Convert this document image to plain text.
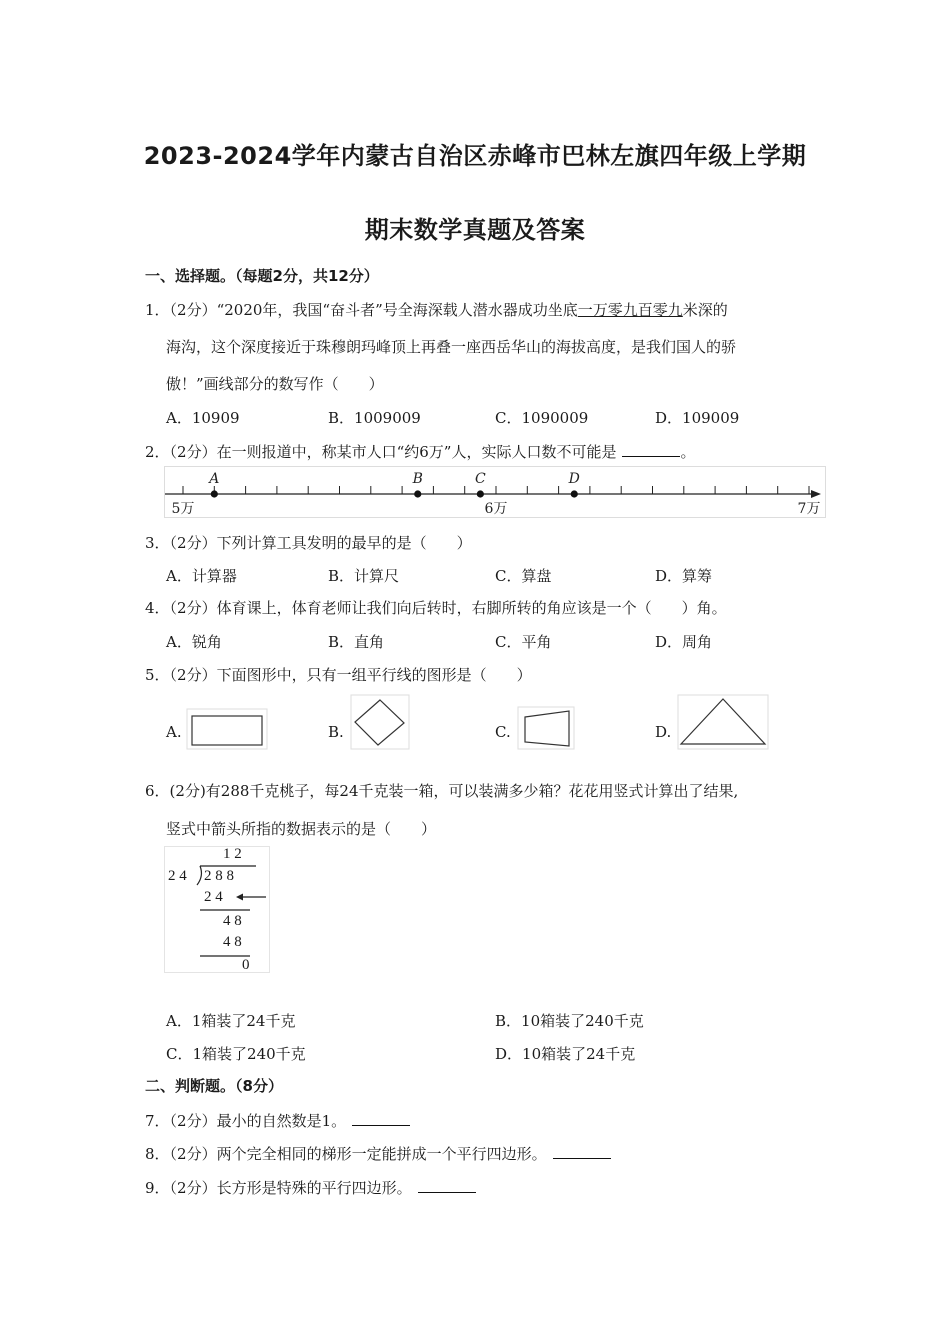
2023-2024学年内蒙古自治区赤峰市巴林左旗四年级上学期
期末数学真题及答案
一、选择题。（每题2分，共12分）
1．（2分）“2020年，我国“奋斗者”号全海深载人潜水器成功坐底一万零九百零九米深的
海沟，这个深度接近于珠穆朗玛峰顶上再叠一座西岳华山的海拔高度，是我们国人的骄
傲！”画线部分的数写作（　　）
A．10909	B．1009009	C．1090009	D．109009
2．（2分）在一则报道中，称某市人口“约6万”人，实际人口数不可能是	。
5万	6万	7万
A	B	C	D
3．（2分）下列计算工具发明的最早的是（　　）
A．计算器	B．计算尺	C．算盘	D．算筹
4．（2分）体育课上，体育老师让我们向后转时，右脚所转的角应该是一个（　　）角。
A．锐角	B．直角	C．平角	D．周角
5．（2分）下面图形中，只有一组平行线的图形是（　　）
A.	B.	C.	D.
6．(2分)有288千克桃子，每24千克装一箱，可以装满多少箱？花花用竖式计算出了结果,
竖式中箭头所指的数据表示的是（　　）
1 2
2 4 2 8 8
2 4
4 8
4 8
0
A．1箱装了24千克	B．10箱装了240千克
C．1箱装了240千克	D．10箱装了24千克
二、判断题。（8分）
7．（2分）最小的自然数是1。
8．（2分）两个完全相同的梯形一定能拼成一个平行四边形。
9．（2分）长方形是特殊的平行四边形。
